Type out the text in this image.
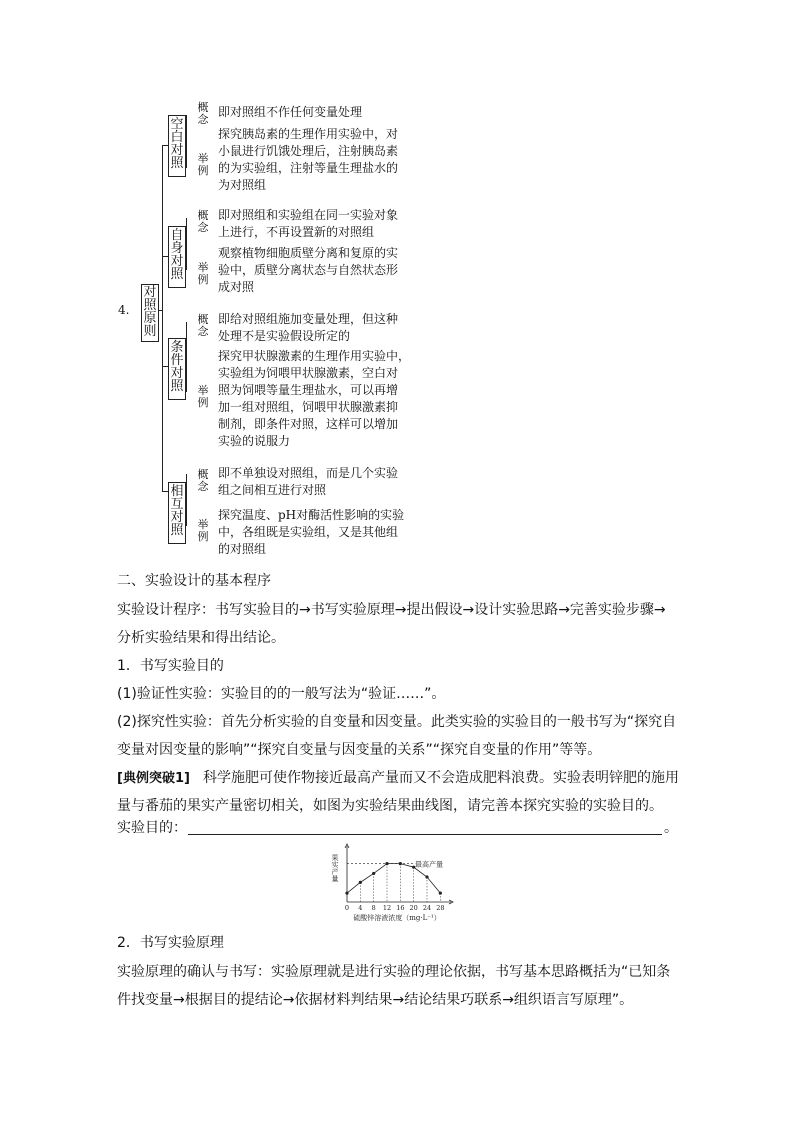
4.
对照原则
空白对照
自身对照
条件对照
相互对照
概念
即对照组不作任何变量处理
举例
探究胰岛素的生理作用实验中，对
小鼠进行饥饿处理后，注射胰岛素
的为实验组，注射等量生理盐水的
为对照组
概念
即对照组和实验组在同一实验对象
上进行，不再设置新的对照组
举例
观察植物细胞质壁分离和复原的实
验中，质壁分离状态与自然状态形
成对照
概念
即给对照组施加变量处理，但这种
处理不是实验假设所定的
举例
探究甲状腺激素的生理作用实验中，
实验组为饲喂甲状腺激素，空白对
照为饲喂等量生理盐水，可以再增
加一组对照组，饲喂甲状腺激素抑
制剂，即条件对照，这样可以增加
实验的说服力
概念
即不单独设对照组，而是几个实验
组之间相互进行对照
举例
探究温度、pH对酶活性影响的实验
中，各组既是实验组，又是其他组
的对照组
二、实验设计的基本程序
实验设计程序：书写实验目的→书写实验原理→提出假设→设计实验思路→完善实验步骤→
分析实验结果和得出结论。
1．书写实验目的
(1)验证性实验：实验目的的一般写法为“验证……”。
(2)探究性实验：首先分析实验的自变量和因变量。此类实验的实验目的一般书写为“探究自
变量对因变量的影响”“探究自变量与因变量的关系”“探究自变量的作用”等等。
[典例突破1] 科学施肥可使作物接近最高产量而又不会造成肥料浪费。实验表明锌肥的施用
量与番茄的果实产量密切相关，如图为实验结果曲线图，请完善本探究实验的实验目的。
实验目的：	。
最高产量
0 4 8 12 16 20 24 28
果实产量
硫酸锌溶液浓度（mg·L⁻¹）
2．书写实验原理
实验原理的确认与书写：实验原理就是进行实验的理论依据，书写基本思路概括为“已知条
件找变量→根据目的提结论→依据材料判结果→结论结果巧联系→组织语言写原理”。
